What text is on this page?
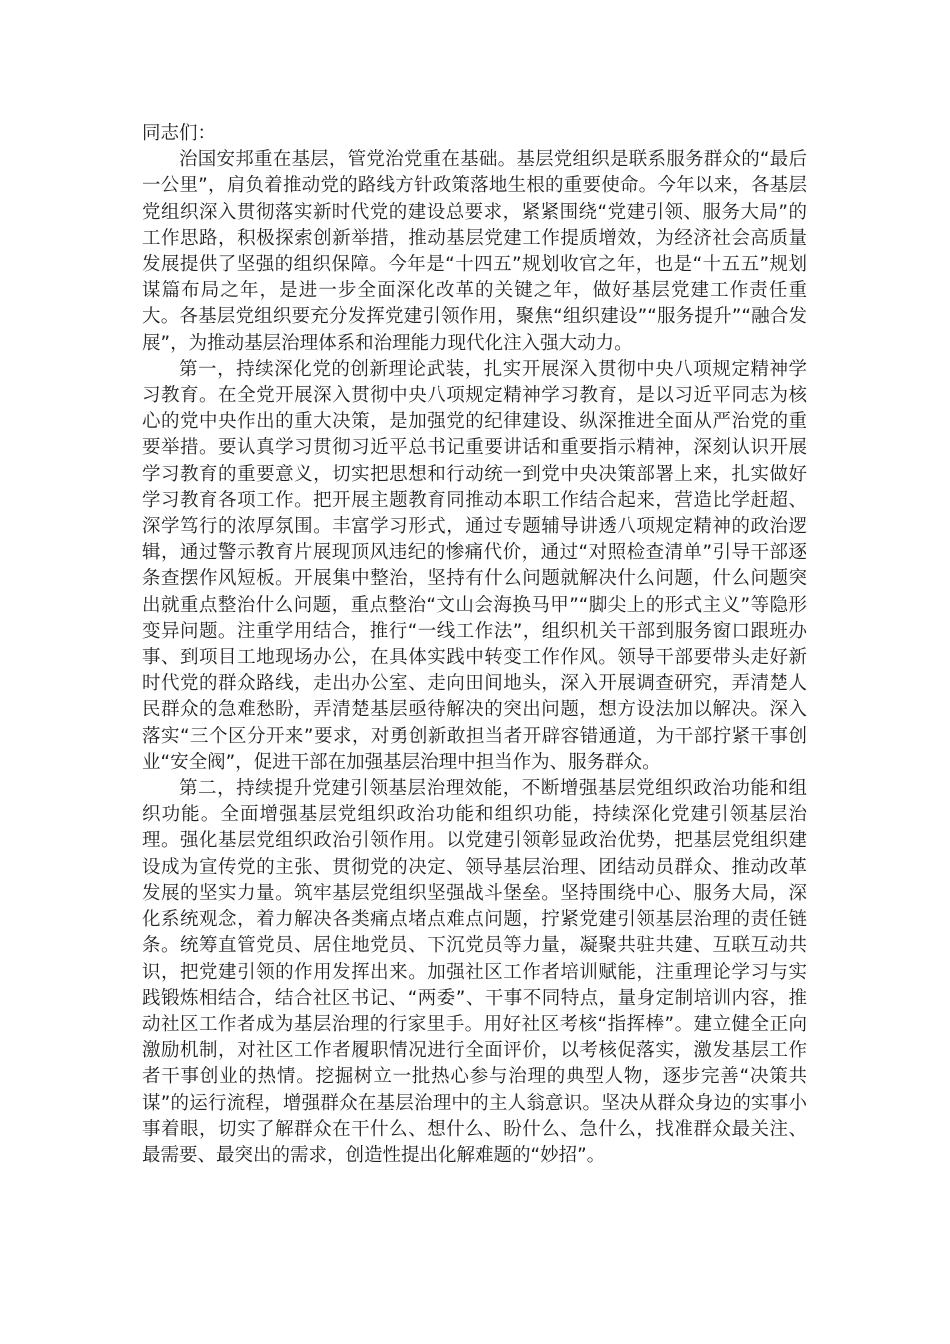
同志们：

治国安邦重在基层，管党治党重在基础。基层党组织是联系服务群众的“最后一公里”，肩负着推动党的路线方针政策落地生根的重要使命。今年以来，各基层党组织深入贯彻落实新时代党的建设总要求，紧紧围绕“党建引领、服务大局”的工作思路，积极探索创新举措，推动基层党建工作提质增效，为经济社会高质量发展提供了坚强的组织保障。今年是“十四五”规划收官之年，也是“十五五”规划谋篇布局之年，是进一步全面深化改革的关键之年，做好基层党建工作责任重大。各基层党组织要充分发挥党建引领作用，聚焦“组织建设”“服务提升”“融合发展”，为推动基层治理体系和治理能力现代化注入强大动力。

第一，持续深化党的创新理论武装，扎实开展深入贯彻中央八项规定精神学习教育。在全党开展深入贯彻中央八项规定精神学习教育，是以习近平同志为核心的党中央作出的重大决策，是加强党的纪律建设、纵深推进全面从严治党的重要举措。要认真学习贯彻习近平总书记重要讲话和重要指示精神，深刻认识开展学习教育的重要意义，切实把思想和行动统一到党中央决策部署上来，扎实做好学习教育各项工作。把开展主题教育同推动本职工作结合起来，营造比学赶超、深学笃行的浓厚氛围。丰富学习形式，通过专题辅导讲透八项规定精神的政治逻辑，通过警示教育片展现顶风违纪的惨痛代价，通过“对照检查清单”引导干部逐条查摆作风短板。开展集中整治，坚持有什么问题就解决什么问题，什么问题突出就重点整治什么问题，重点整治“文山会海换马甲”“脚尖上的形式主义”等隐形变异问题。注重学用结合，推行“一线工作法”，组织机关干部到服务窗口跟班办事、到项目工地现场办公，在具体实践中转变工作作风。领导干部要带头走好新时代党的群众路线，走出办公室、走向田间地头，深入开展调查研究，弄清楚人民群众的急难愁盼，弄清楚基层亟待解决的突出问题，想方设法加以解决。深入落实“三个区分开来”要求，对勇创新敢担当者开辟容错通道，为干部拧紧干事创业“安全阀”，促进干部在加强基层治理中担当作为、服务群众。

第二，持续提升党建引领基层治理效能，不断增强基层党组织政治功能和组织功能。全面增强基层党组织政治功能和组织功能，持续深化党建引领基层治理。强化基层党组织政治引领作用。以党建引领彰显政治优势，把基层党组织建设成为宣传党的主张、贯彻党的决定、领导基层治理、团结动员群众、推动改革发展的坚实力量。筑牢基层党组织坚强战斗堡垒。坚持围绕中心、服务大局，深化系统观念，着力解决各类痛点堵点难点问题，拧紧党建引领基层治理的责任链条。统筹直管党员、居住地党员、下沉党员等力量，凝聚共驻共建、互联互动共识，把党建引领的作用发挥出来。加强社区工作者培训赋能，注重理论学习与实践锻炼相结合，结合社区书记、“两委”、干事不同特点，量身定制培训内容，推动社区工作者成为基层治理的行家里手。用好社区考核“指挥棒”。建立健全正向激励机制，对社区工作者履职情况进行全面评价，以考核促落实，激发基层工作者干事创业的热情。挖掘树立一批热心参与治理的典型人物，逐步完善“决策共谋”的运行流程，增强群众在基层治理中的主人翁意识。坚决从群众身边的实事小事着眼，切实了解群众在干什么、想什么、盼什么、急什么，找准群众最关注、最需要、最突出的需求，创造性提出化解难题的“妙招”。
